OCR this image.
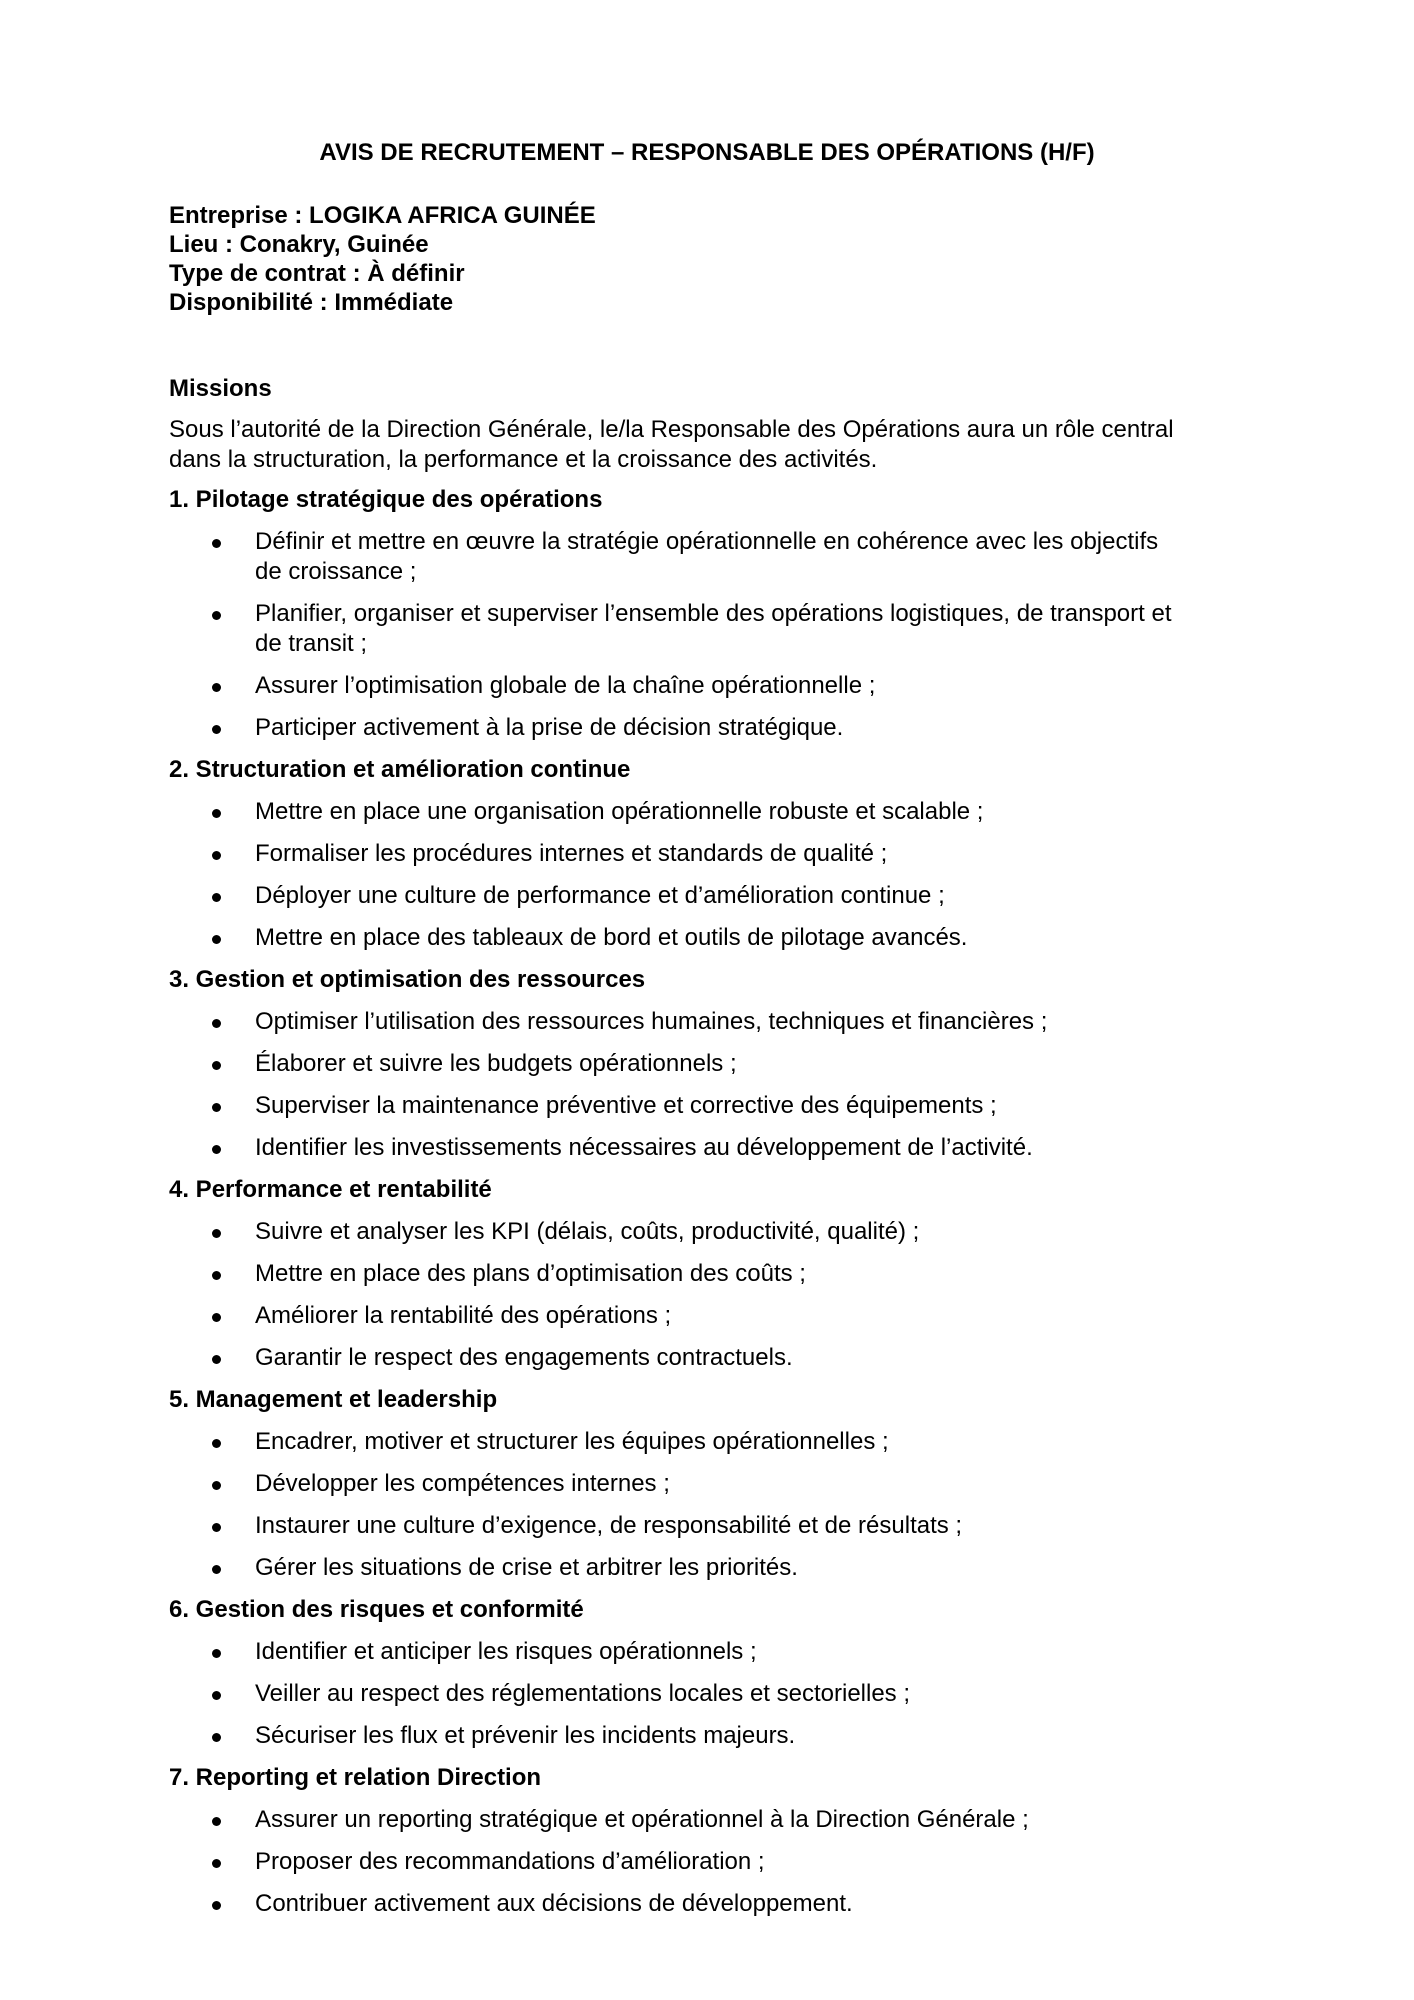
AVIS DE RECRUTEMENT – RESPONSABLE DES OPÉRATIONS (H/F)
Entreprise : LOGIKA AFRICA GUINÉE
Lieu : Conakry, Guinée
Type de contrat : À définir
Disponibilité : Immédiate
Missions
Sous l’autorité de la Direction Générale, le/la Responsable des Opérations aura un rôle central
dans la structuration, la performance et la croissance des activités.
1. Pilotage stratégique des opérations
Définir et mettre en œuvre la stratégie opérationnelle en cohérence avec les objectifs
de croissance ;
Planifier, organiser et superviser l’ensemble des opérations logistiques, de transport et
de transit ;
Assurer l’optimisation globale de la chaîne opérationnelle ;
Participer activement à la prise de décision stratégique.
2. Structuration et amélioration continue
Mettre en place une organisation opérationnelle robuste et scalable ;
Formaliser les procédures internes et standards de qualité ;
Déployer une culture de performance et d’amélioration continue ;
Mettre en place des tableaux de bord et outils de pilotage avancés.
3. Gestion et optimisation des ressources
Optimiser l’utilisation des ressources humaines, techniques et financières ;
Élaborer et suivre les budgets opérationnels ;
Superviser la maintenance préventive et corrective des équipements ;
Identifier les investissements nécessaires au développement de l’activité.
4. Performance et rentabilité
Suivre et analyser les KPI (délais, coûts, productivité, qualité) ;
Mettre en place des plans d’optimisation des coûts ;
Améliorer la rentabilité des opérations ;
Garantir le respect des engagements contractuels.
5. Management et leadership
Encadrer, motiver et structurer les équipes opérationnelles ;
Développer les compétences internes ;
Instaurer une culture d’exigence, de responsabilité et de résultats ;
Gérer les situations de crise et arbitrer les priorités.
6. Gestion des risques et conformité
Identifier et anticiper les risques opérationnels ;
Veiller au respect des réglementations locales et sectorielles ;
Sécuriser les flux et prévenir les incidents majeurs.
7. Reporting et relation Direction
Assurer un reporting stratégique et opérationnel à la Direction Générale ;
Proposer des recommandations d’amélioration ;
Contribuer activement aux décisions de développement.
